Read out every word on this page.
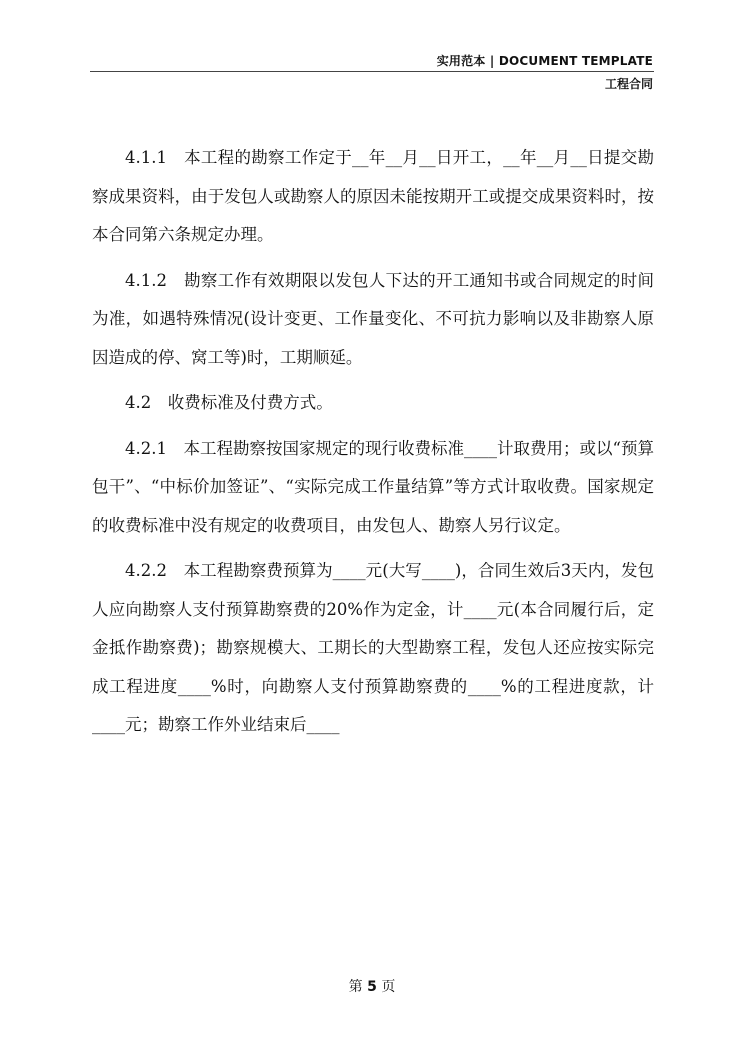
实用范本 | DOCUMENT TEMPLATE
工程合同

4.1.1　本工程的勘察工作定于__年__月__日开工，__年__月__日提交勘察成果资料，由于发包人或勘察人的原因未能按期开工或提交成果资料时，按本合同第六条规定办理。

4.1.2　勘察工作有效期限以发包人下达的开工通知书或合同规定的时间为准，如遇特殊情况(设计变更、工作量变化、不可抗力影响以及非勘察人原因造成的停、窝工等)时，工期顺延。

4.2　收费标准及付费方式。

4.2.1　本工程勘察按国家规定的现行收费标准____计取费用；或以“预算包干”、“中标价加签证”、“实际完成工作量结算”等方式计取收费。国家规定的收费标准中没有规定的收费项目，由发包人、勘察人另行议定。

4.2.2　本工程勘察费预算为____元(大写____)，合同生效后3天内，发包人应向勘察人支付预算勘察费的20%作为定金，计____元(本合同履行后，定金抵作勘察费)；勘察规模大、工期长的大型勘察工程，发包人还应按实际完成工程进度____%时，向勘察人支付预算勘察费的____%的工程进度款，计____元；勘察工作外业结束后____

第 5 页
